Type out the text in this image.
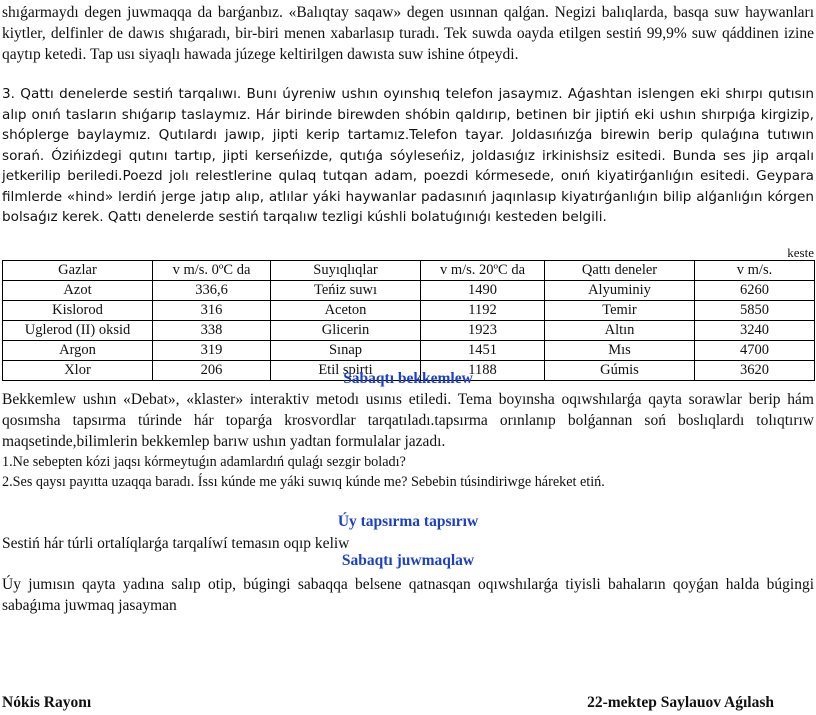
shıǵarmaydı degen juwmaqqa da barǵanbız. «Balıqtay saqaw» degen usınnan qalǵan. Negizi balıqlarda, basqa suw haywanları kiytler, delfinler de dawıs shıǵaradı, bir-biri menen xabarlasıp turadı. Tek suwda oayda etilgen sestiń 99,9% suw qáddinen izine qaytıp ketedi. Tap usı siyaqlı hawada júzege keltirilgen dawısta suw ishine ótpeydi.

3. Qattı denelerde sestiń tarqalıwı. Bunı úyreniw ushın oyınshıq telefon jasaymız. Aǵashtan islengen eki shırpı qutısın alıp onıń tasların shıǵarıp taslaymız. Hár birinde birewden shóbin qaldırıp, betinen bir jiptiń eki ushın shırpıǵa kirgizip, shóplerge baylaymız. Qutılardı jawıp, jipti kerip tartamız.Telefon tayar. Joldasıńızǵa birewin berip qulaǵına tutıwın sorań. Ózińizdegi qutını tartıp, jipti kerseńizde, qutıǵa sóyleseńiz, joldasıǵız irkinishsiz esitedi. Bunda ses jip arqalı jetkerilip beriledi.Poezd jolı relestlerine qulaq tutqan adam, poezdi kórmesede, onıń kiyatirǵanlıǵın esitedi. Geypara filmlerde «hind» lerdiń jerge jatıp alıp, atlılar yáki haywanlar padasınıń jaqınlasıp kiyatırǵanlıǵın bilip alǵanlıǵın kórgen bolsaǵız kerek. Qattı denelerde sestiń tarqalıw tezligi kúshli bolatuǵınıǵı kesteden belgili.

keste
Gazlar	v m/s. 0ºC da	Suyıqlıqlar	v m/s. 20ºC da	Qattı deneler	v m/s.
Azot	336,6	Teńiz suwı	1490	Alyuminiy	6260
Kislorod	316	Aceton	1192	Temir	5850
Uglerod (II) oksid	338	Glicerin	1923	Altın	3240
Argon	319	Sınap	1451	Mıs	4700
Xlor	206	Etil spirti	1188	Gúmis	3620
Sabaqtı bekkemlew

Bekkemlew ushın «Debat», «klaster» interaktiv metodı usınıs etiledi. Tema boyınsha oqıwshılarǵa qayta sorawlar berip hám qosımsha tapsırma túrinde hár toparǵa krosvordlar tarqatıladı.tapsırma orınlanıp bolǵannan soń boslıqlardı tolıqtırıw maqsetinde,bilimlerin bekkemlep barıw ushın yadtan formulalar jazadı.

1.Ne sebepten kózi jaqsı kórmeytuǵın adamlardıń qulaǵı sezgir boladı?

2.Ses qaysı payıtta uzaqqa baradı. Íssı kúnde me yáki suwıq kúnde me? Sebebin túsindiriwge háreket etiń.

Úy tapsırma tapsırıw

Sestiń hár túrli ortalíqlarǵa tarqalíwí temasın oqıp keliw

Sabaqtı juwmaqlaw

Úy jumısın qayta yadına salıp otip, búgingi sabaqqa belsene qatnasqan oqıwshılarǵa tiyisli bahaların qoyǵan halda búgingi sabaǵıma juwmaq jasayman

Nókis Rayonı	22-mektep Saylauov Aǵılash
